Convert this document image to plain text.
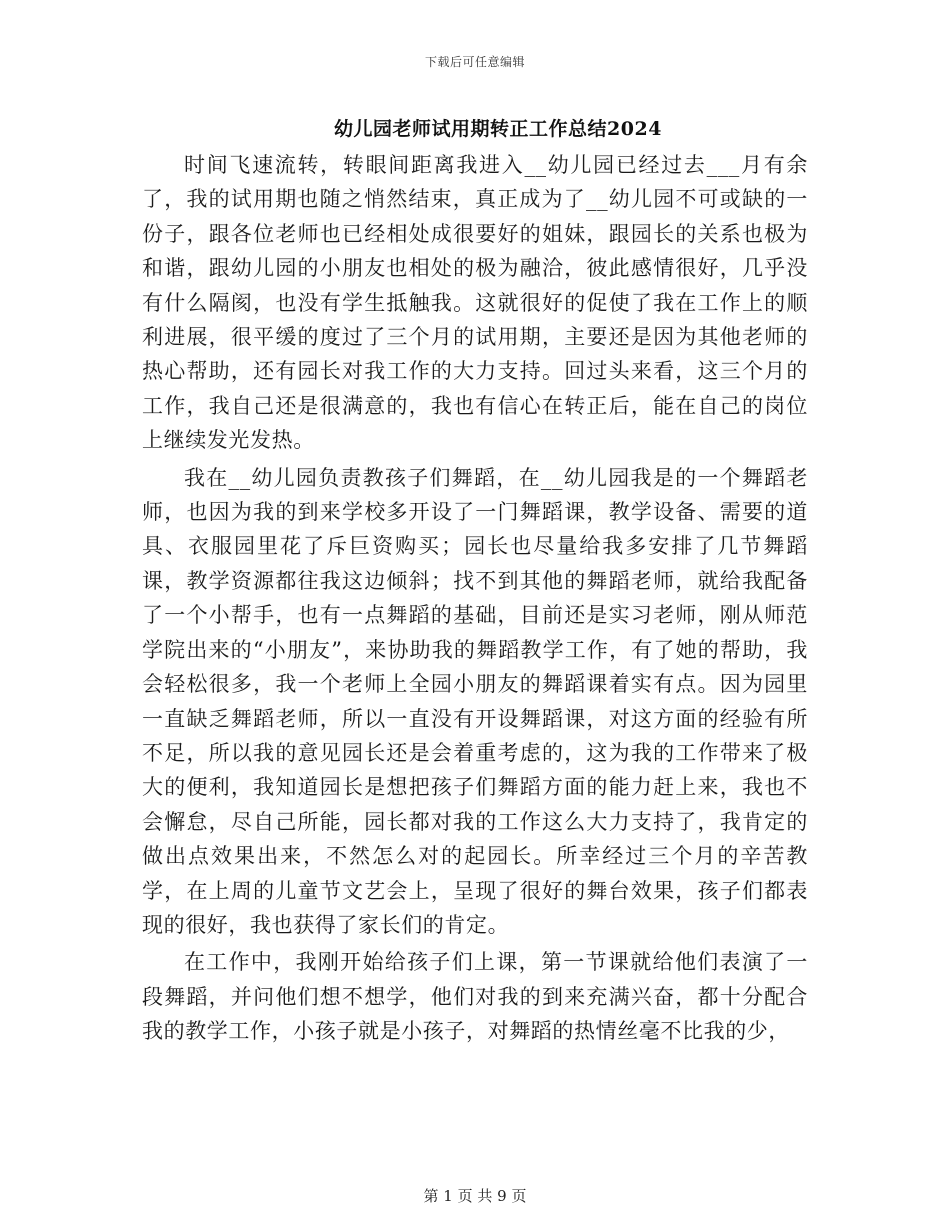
下载后可任意编辑
幼儿园老师试用期转正工作总结2024

时间飞速流转，转眼间距离我进入__幼儿园已经过去___月有余了，我的试用期也随之悄然结束，真正成为了__幼儿园不可或缺的一份子，跟各位老师也已经相处成很要好的姐妹，跟园长的关系也极为和谐，跟幼儿园的小朋友也相处的极为融洽，彼此感情很好，几乎没有什么隔阂，也没有学生抵触我。这就很好的促使了我在工作上的顺利进展，很平缓的度过了三个月的试用期，主要还是因为其他老师的热心帮助，还有园长对我工作的大力支持。回过头来看，这三个月的工作，我自己还是很满意的，我也有信心在转正后，能在自己的岗位上继续发光发热。

我在__幼儿园负责教孩子们舞蹈，在__幼儿园我是的一个舞蹈老师，也因为我的到来学校多开设了一门舞蹈课，教学设备、需要的道具、衣服园里花了斥巨资购买；园长也尽量给我多安排了几节舞蹈课，教学资源都往我这边倾斜；找不到其他的舞蹈老师，就给我配备了一个小帮手，也有一点舞蹈的基础，目前还是实习老师，刚从师范学院出来的“小朋友”，来协助我的舞蹈教学工作，有了她的帮助，我会轻松很多，我一个老师上全园小朋友的舞蹈课着实有点。因为园里一直缺乏舞蹈老师，所以一直没有开设舞蹈课，对这方面的经验有所不足，所以我的意见园长还是会着重考虑的，这为我的工作带来了极大的便利，我知道园长是想把孩子们舞蹈方面的能力赶上来，我也不会懈怠，尽自己所能，园长都对我的工作这么大力支持了，我肯定的做出点效果出来，不然怎么对的起园长。所幸经过三个月的辛苦教学，在上周的儿童节文艺会上，呈现了很好的舞台效果，孩子们都表现的很好，我也获得了家长们的肯定。

在工作中，我刚开始给孩子们上课，第一节课就给他们表演了一段舞蹈，并问他们想不想学，他们对我的到来充满兴奋，都十分配合我的教学工作，小孩子就是小孩子，对舞蹈的热情丝毫不比我的少，

第 1 页 共 9 页
